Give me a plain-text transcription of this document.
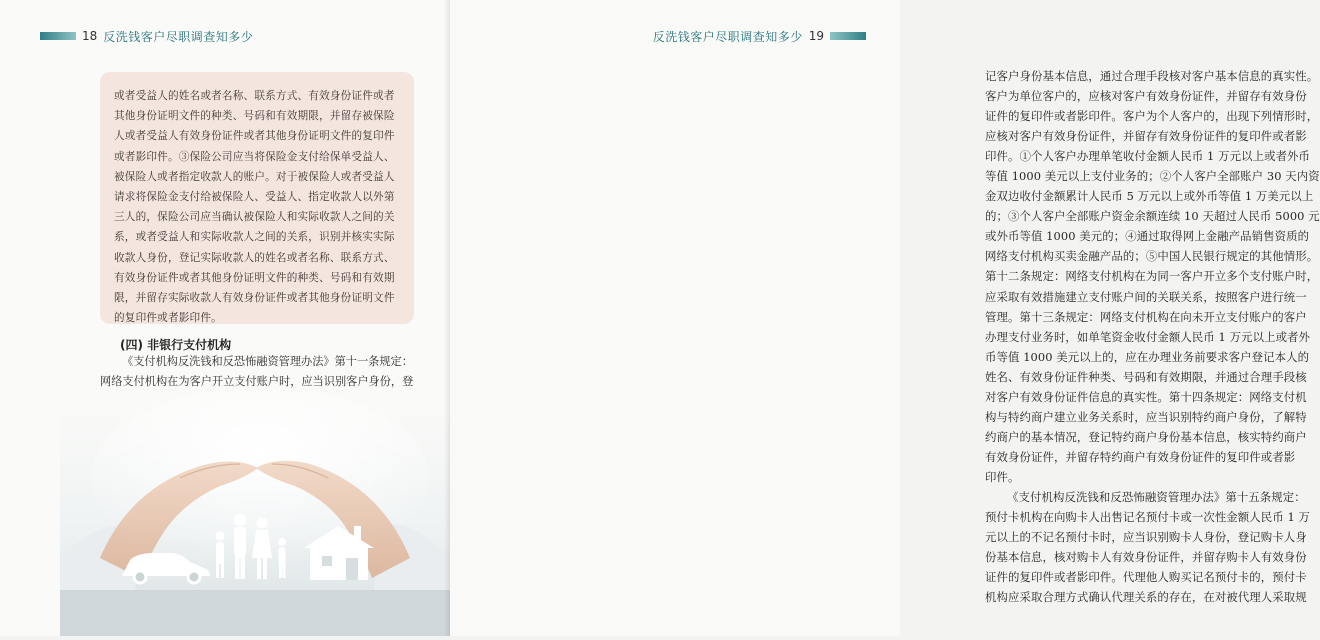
18 反洗钱客户尽职调查知多少
或者受益人的姓名或者名称、联系方式、有效身份证件或者
其他身份证明文件的种类、号码和有效期限，并留存被保险
人或者受益人有效身份证件或者其他身份证明文件的复印件
或者影印件。③保险公司应当将保险金支付给保单受益人、
被保险人或者指定收款人的账户。对于被保险人或者受益人
请求将保险金支付给被保险人、受益人、指定收款人以外第
三人的，保险公司应当确认被保险人和实际收款人之间的关
系，或者受益人和实际收款人之间的关系，识别并核实实际
收款人身份，登记实际收款人的姓名或者名称、联系方式、
有效身份证件或者其他身份证明文件的种类、号码和有效期
限，并留存实际收款人有效身份证件或者其他身份证明文件
的复印件或者影印件。
(四) 非银行支付机构
《支付机构反洗钱和反恐怖融资管理办法》第十一条规定：
网络支付机构在为客户开立支付账户时，应当识别客户身份，登
反洗钱客户尽职调查知多少 19
记客户身份基本信息，通过合理手段核对客户基本信息的真实性。
客户为单位客户的，应核对客户有效身份证件，并留存有效身份
证件的复印件或者影印件。客户为个人客户的，出现下列情形时，
应核对客户有效身份证件，并留存有效身份证件的复印件或者影
印件。①个人客户办理单笔收付金额人民币 1 万元以上或者外币
等值 1000 美元以上支付业务的；②个人客户全部账户 30 天内资
金双边收付金额累计人民币 5 万元以上或外币等值 1 万美元以上
的；③个人客户全部账户资金余额连续 10 天超过人民币 5000 元
或外币等值 1000 美元的；④通过取得网上金融产品销售资质的
网络支付机构买卖金融产品的；⑤中国人民银行规定的其他情形。
第十二条规定：网络支付机构在为同一客户开立多个支付账户时，
应采取有效措施建立支付账户间的关联关系，按照客户进行统一
管理。第十三条规定：网络支付机构在向未开立支付账户的客户
办理支付业务时，如单笔资金收付金额人民币 1 万元以上或者外
币等值 1000 美元以上的，应在办理业务前要求客户登记本人的
姓名、有效身份证件种类、号码和有效期限，并通过合理手段核
对客户有效身份证件信息的真实性。第十四条规定：网络支付机
构与特约商户建立业务关系时，应当识别特约商户身份，了解特
约商户的基本情况，登记特约商户身份基本信息，核实特约商户
有效身份证件，并留存特约商户有效身份证件的复印件或者影
印件。
《支付机构反洗钱和反恐怖融资管理办法》第十五条规定：
预付卡机构在向购卡人出售记名预付卡或一次性金额人民币 1 万
元以上的不记名预付卡时，应当识别购卡人身份，登记购卡人身
份基本信息，核对购卡人有效身份证件，并留存购卡人有效身份
证件的复印件或者影印件。代理他人购买记名预付卡的，预付卡
机构应采取合理方式确认代理关系的存在，在对被代理人采取规
